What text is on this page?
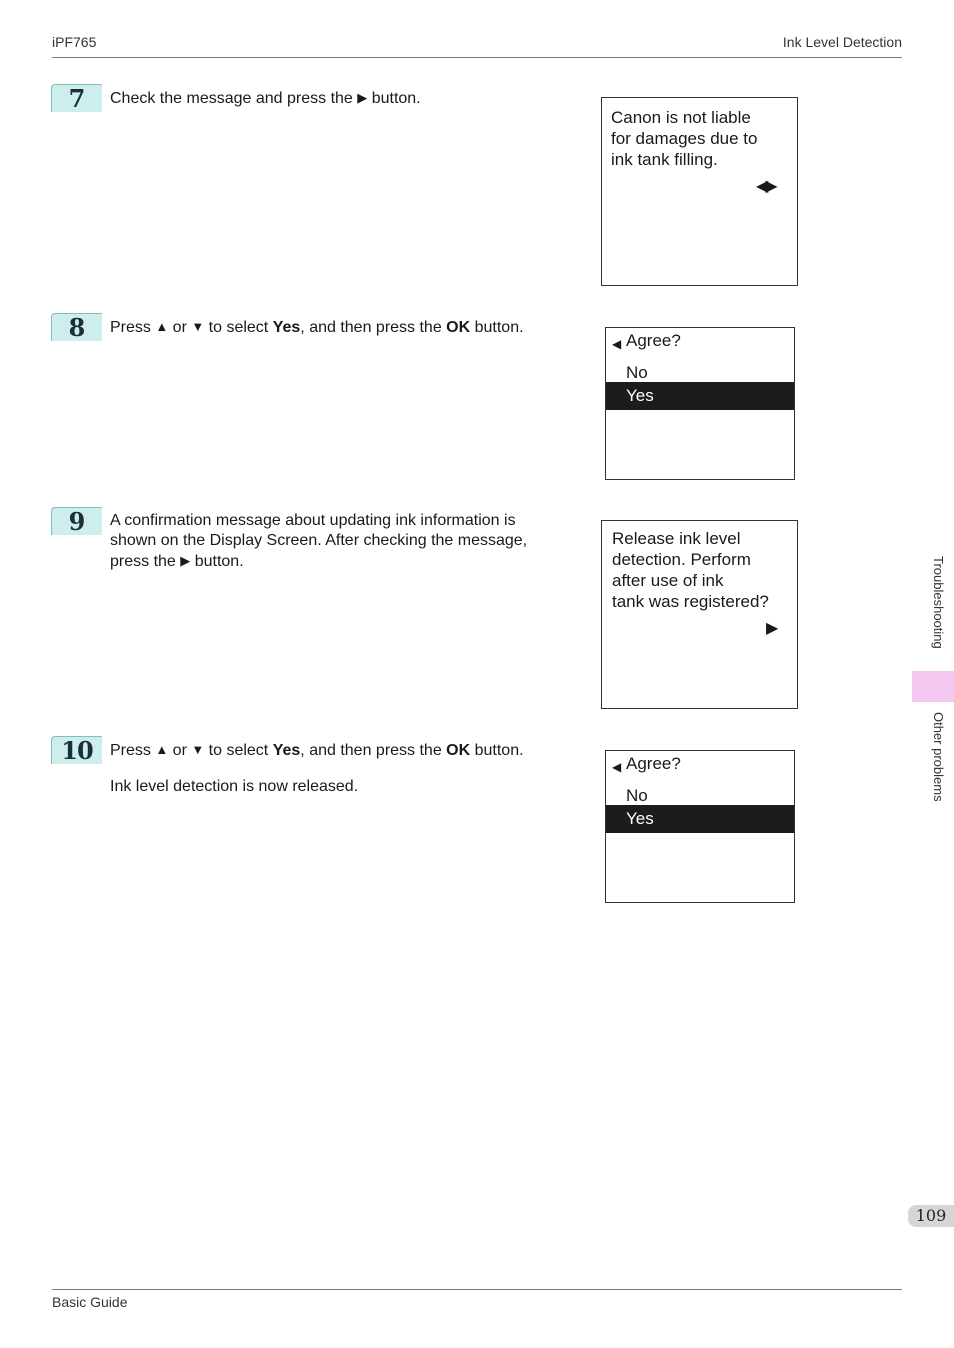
iPF765	Ink Level Detection
7	Check the message and press the ▶ button.
Canon is not liable
for damages due to
ink tank filling.
◀▶
8	Press ▲ or ▼ to select Yes, and then press the OK button.
◀ Agree?
No
Yes
9	A confirmation message about updating ink information is shown on the Display Screen. After checking the message, press the ▶ button.
Release ink level
detection. Perform
after use of ink
tank was registered?
▶
10	Press ▲ or ▼ to select Yes, and then press the OK button.
Ink level detection is now released.
◀ Agree?
No
Yes
Troubleshooting
Other problems
109
Basic Guide
